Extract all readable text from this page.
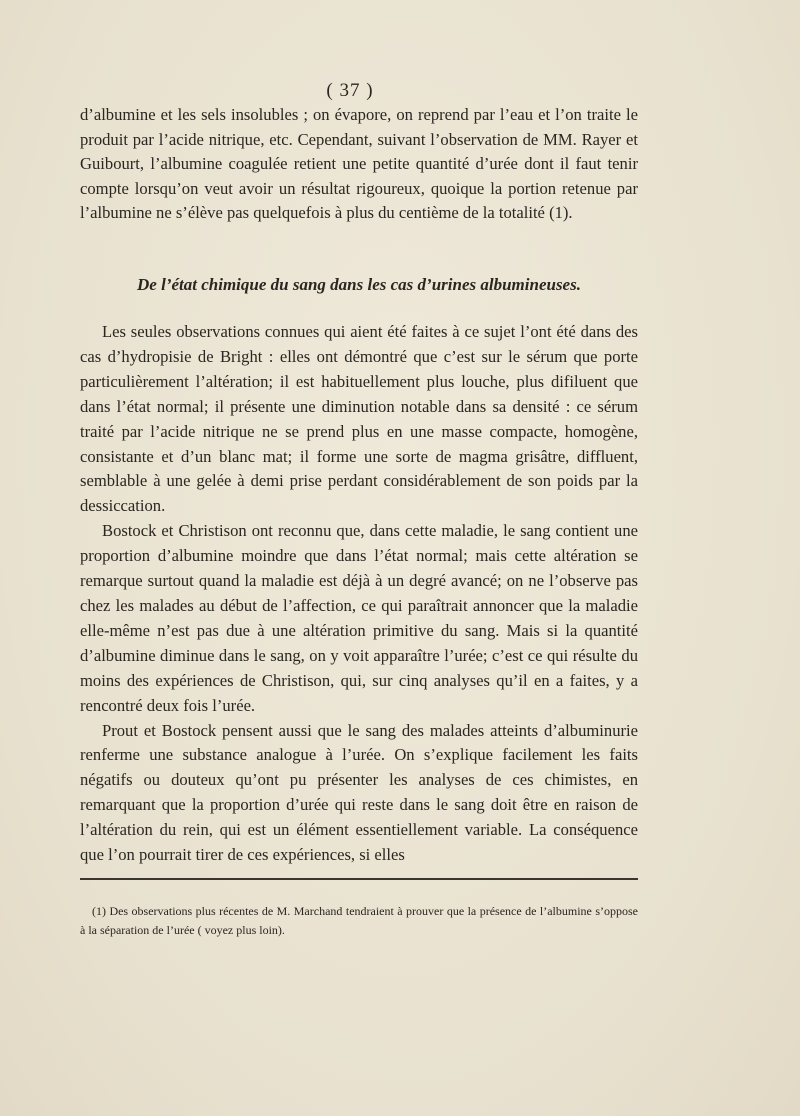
( 37 )

d’albumine et les sels insolubles ; on évapore, on reprend par l’eau et l’on traite le produit par l’acide nitrique, etc. Cependant, suivant l’observation de MM. Rayer et Guibourt, l’albumine coagulée retient une petite quantité d’urée dont il faut tenir compte lorsqu’on veut avoir un résultat rigoureux, quoique la portion retenue par l’albumine ne s’élève pas quelquefois à plus du centième de la totalité (1).

De l’état chimique du sang dans les cas d’urines albumineuses.

Les seules observations connues qui aient été faites à ce sujet l’ont été dans des cas d’hydropisie de Bright : elles ont démontré que c’est sur le sérum que porte particulièrement l’altération; il est habituellement plus louche, plus difiluent que dans l’état normal; il présente une diminution notable dans sa densité : ce sérum traité par l’acide nitrique ne se prend plus en une masse compacte, homogène, consistante et d’un blanc mat; il forme une sorte de magma grisâtre, diffluent, semblable à une gelée à demi prise perdant considérablement de son poids par la dessiccation.

Bostock et Christison ont reconnu que, dans cette maladie, le sang contient une proportion d’albumine moindre que dans l’état normal; mais cette altération se remarque surtout quand la maladie est déjà à un degré avancé; on ne l’observe pas chez les malades au début de l’affection, ce qui paraîtrait annoncer que la maladie elle-même n’est pas due à une altération primitive du sang. Mais si la quantité d’albumine diminue dans le sang, on y voit apparaître l’urée; c’est ce qui résulte du moins des expériences de Christison, qui, sur cinq analyses qu’il en a faites, y a rencontré deux fois l’urée.

Prout et Bostock pensent aussi que le sang des malades atteints d’albuminurie renferme une substance analogue à l’urée. On s’explique facilement les faits négatifs ou douteux qu’ont pu présenter les analyses de ces chimistes, en remarquant que la proportion d’urée qui reste dans le sang doit être en raison de l’altération du rein, qui est un élément essentiellement variable. La conséquence que l’on pourrait tirer de ces expériences, si elles

(1) Des observations plus récentes de M. Marchand tendraient à prouver que la présence de l’albumine s’oppose à la séparation de l’urée ( voyez plus loin).
